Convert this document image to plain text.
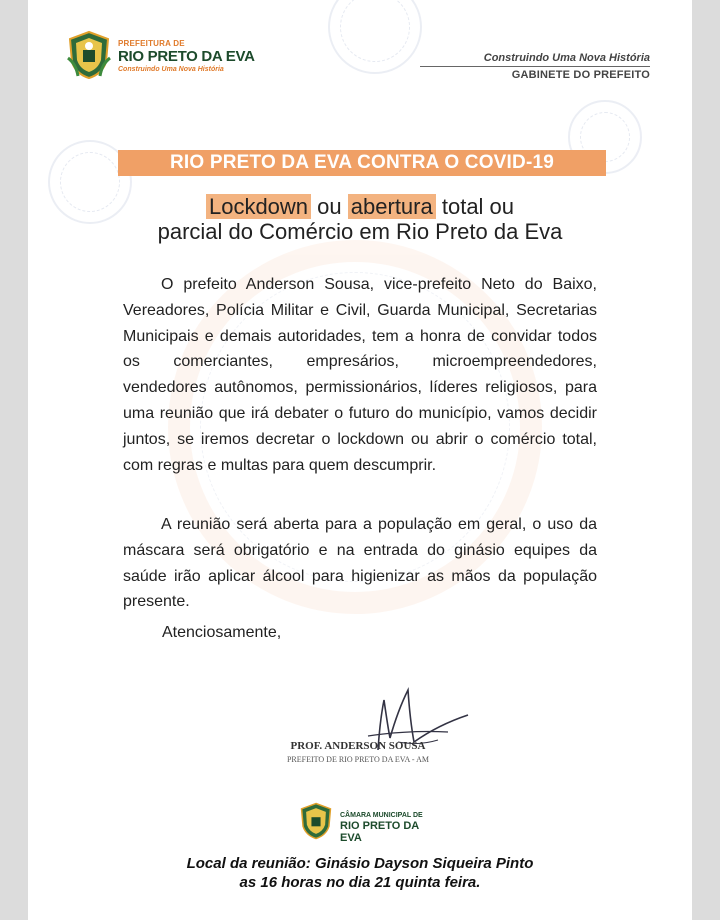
PREFEITURA DE
RIO PRETO DA EVA
Construindo Uma Nova História
Construindo Uma Nova História
GABINETE DO PREFEITO
RIO PRETO DA EVA CONTRA O COVID-19
Lockdown ou abertura total ou
parcial do Comércio em Rio Preto da Eva
O prefeito Anderson Sousa, vice-prefeito Neto do Baixo, Vereadores, Polícia Militar e Civil, Guarda Municipal, Secretarias Municipais e demais autoridades, tem a honra de convidar todos os comerciantes, empresários, microempreendedores, vendedores autônomos, permissionários, líderes religiosos, para uma reunião que irá debater o futuro do município, vamos decidir juntos, se iremos decretar o lockdown ou abrir o comércio total, com regras e multas para quem descumprir.
A reunião será aberta para a população em geral, o uso da máscara será obrigatório e na entrada do ginásio equipes da saúde irão aplicar álcool para higienizar as mãos da população presente.
Atenciosamente,
PROF. ANDERSON SOUSA
PREFEITO DE RIO PRETO DA EVA - AM
CÂMARA MUNICIPAL DE
RIO PRETO DA EVA
Local da reunião: Ginásio Dayson Siqueira Pinto
as 16 horas no dia 21 quinta feira.
